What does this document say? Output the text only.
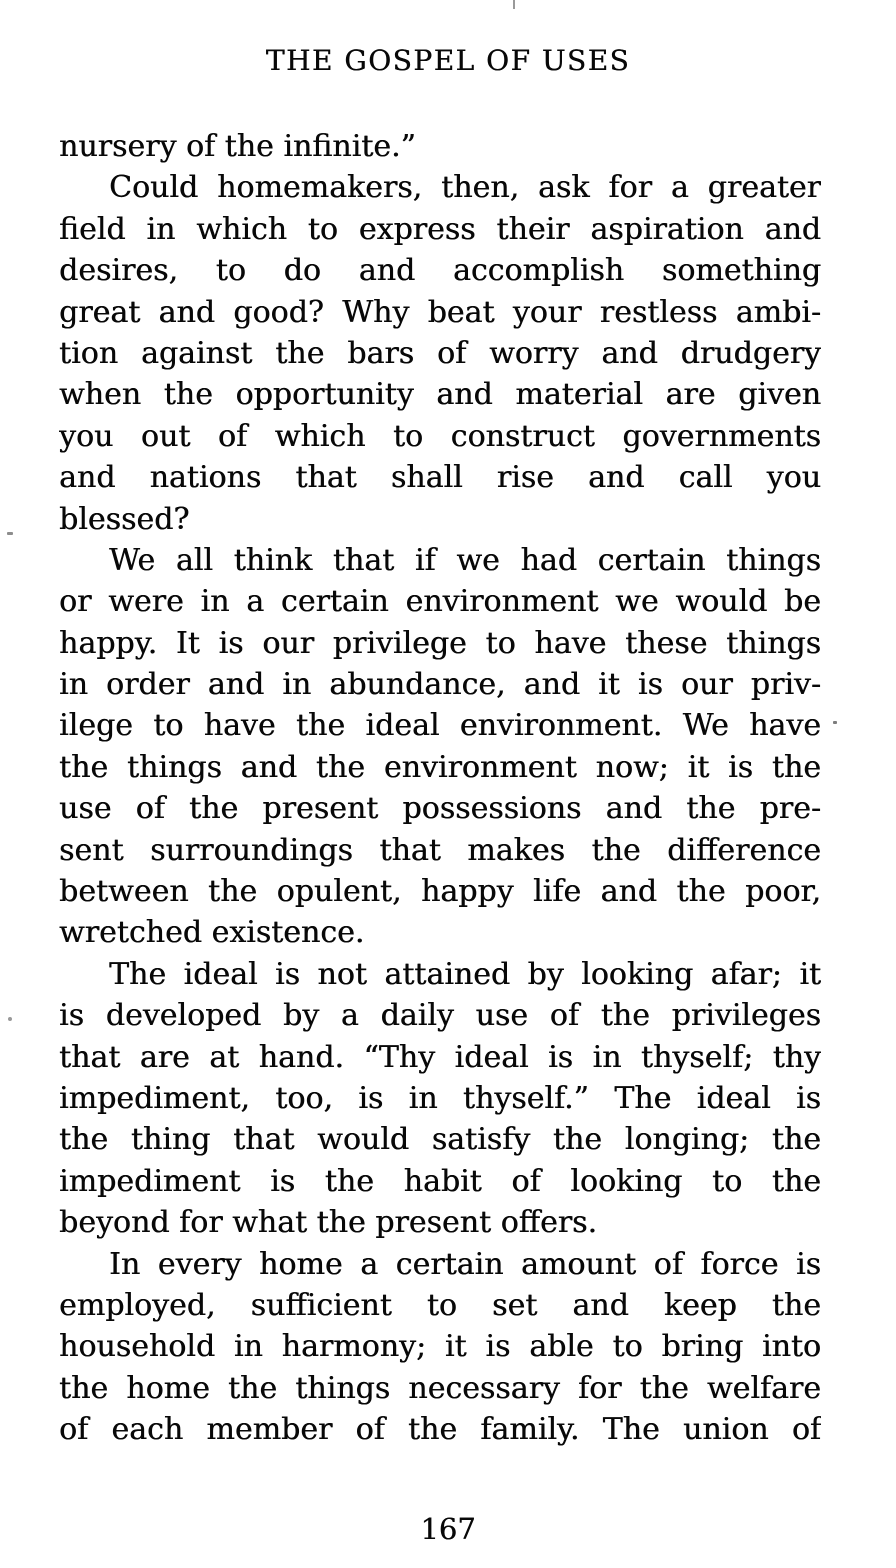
THE GOSPEL OF USES
nursery of the infinite.”
Could homemakers, then, ask for a greater
field in which to express their aspiration and
desires, to do and accomplish something
great and good? Why beat your restless ambi-
tion against the bars of worry and drudgery
when the opportunity and material are given
you out of which to construct governments
and nations that shall rise and call you
blessed?
We all think that if we had certain things
or were in a certain environment we would be
happy. It is our privilege to have these things
in order and in abundance, and it is our priv-
ilege to have the ideal environment. We have
the things and the environment now; it is the
use of the present possessions and the pre-
sent surroundings that makes the difference
between the opulent, happy life and the poor,
wretched existence.
The ideal is not attained by looking afar; it
is developed by a daily use of the privileges
that are at hand. “Thy ideal is in thyself; thy
impediment, too, is in thyself.” The ideal is
the thing that would satisfy the longing; the
impediment is the habit of looking to the
beyond for what the present offers.
In every home a certain amount of force is
employed, sufficient to set and keep the
household in harmony; it is able to bring into
the home the things necessary for the welfare
of each member of the family. The union of
167
